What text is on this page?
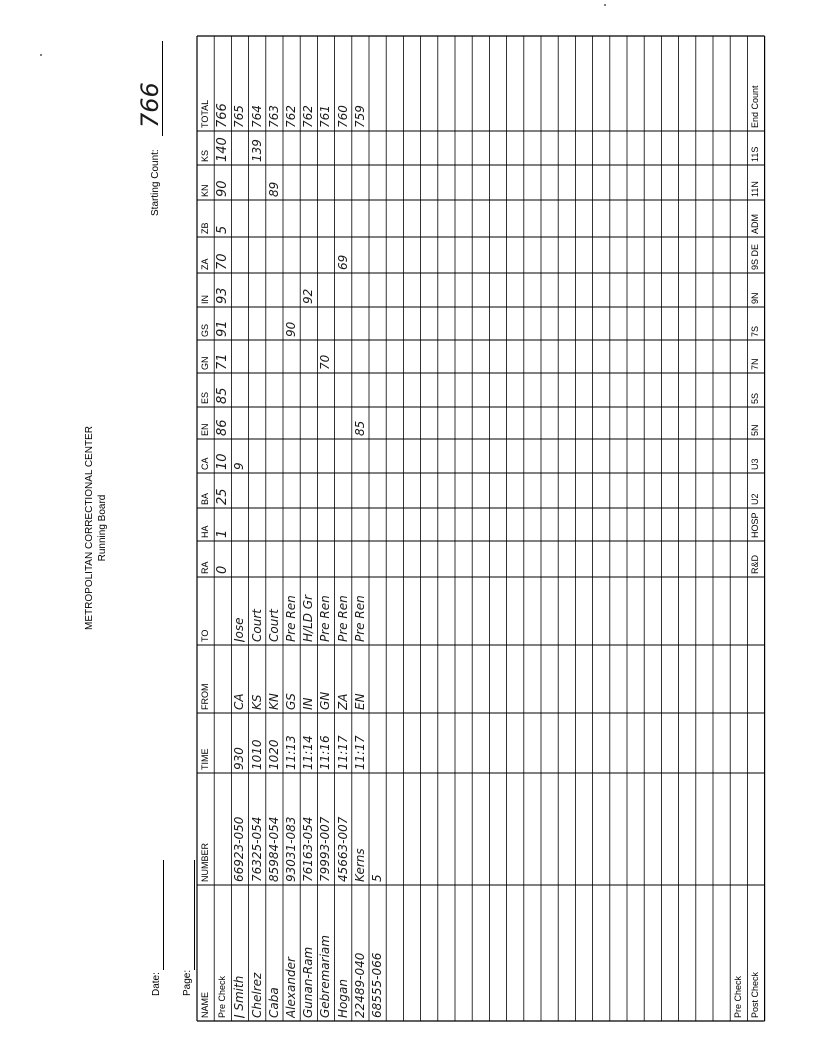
METROPOLITAN CORRECTIONAL CENTER Running Board
Date: Page:
Starting Count:
766
NAME
NUMBER
TIME
FROM
TO
RA
HA
BA
CA
EN
ES
GN
GS
IN
ZA
ZB
KN
KS
TOTAL
Pre Check
0
1
25
10
86
85
71
91
93
70
5
90
140
766
J Smith
66923-050
930
CA
Jose
9
765
Chelrez
76325-054
1010
KS
Court
139
764
Caba
85984-054
1020
KN
Court
89
763
Alexander
93031-083
11:13
GS
Pre Ren
90
762
Gunan-Ram
76163-054
11:14
IN
H/LD Gr
92
762
Gebremariam
79993-007
11:16
GN
Pre Ren
70
761
Hogan
45663-007
11:17
ZA
Pre Ren
69
760
22489-040
Kerns
11:17
EN
Pre Ren
85
759
68555-066
5
Pre Check Post Check
R&D
HOSP
U2
U3
5N
5S
7N
7S
9N
9S DE
ADM
11N
11S
End Count
